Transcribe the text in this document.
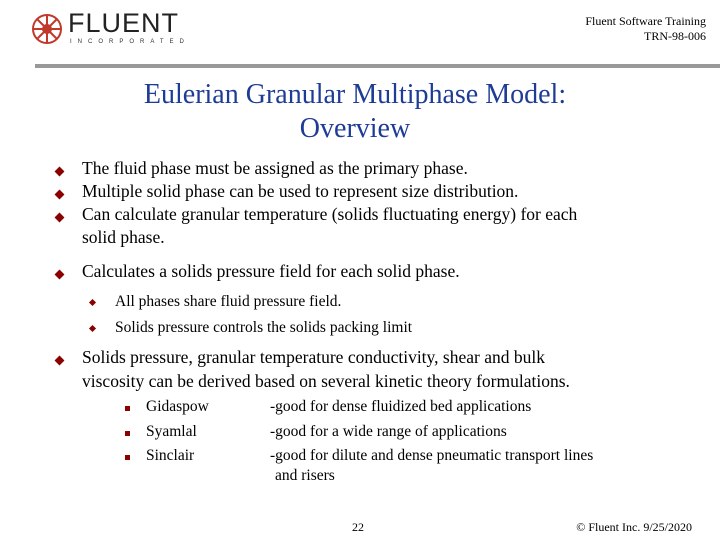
FLUENT
INCORPORATED
Fluent Software Training
TRN-98-006
Eulerian Granular Multiphase Model:
Overview
The fluid phase must be assigned as the primary phase.
Multiple solid phase can be used to represent size distribution.
Can calculate granular temperature (solids fluctuating energy) for each
solid phase.
Calculates a solids pressure field for each solid phase.
All phases share fluid pressure field.
Solids pressure controls the solids packing limit
Solids pressure, granular temperature conductivity, shear and bulk
viscosity can be derived based on several kinetic theory formulations.
Gidaspow	-good for dense fluidized bed applications
Syamlal	-good for a wide range of applications
Sinclair	-good for dilute and dense pneumatic transport lines
and risers
22	© Fluent Inc. 9/25/2020
